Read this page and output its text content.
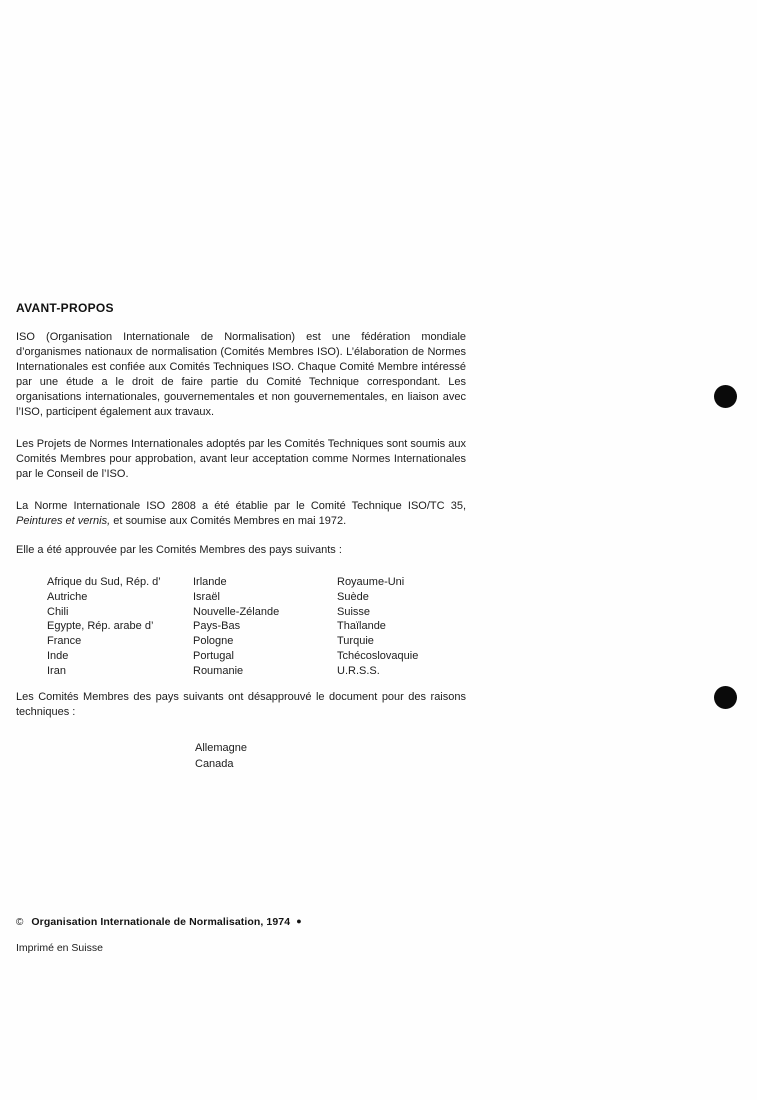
AVANT-PROPOS

ISO (Organisation Internationale de Normalisation) est une fédération mondiale d’organismes nationaux de normalisation (Comités Membres ISO). L’élaboration de Normes Internationales est confiée aux Comités Techniques ISO. Chaque Comité Membre intéressé par une étude a le droit de faire partie du Comité Technique correspondant. Les organisations internationales, gouvernementales et non gouvernementales, en liaison avec l’ISO, participent également aux travaux.

Les Projets de Normes Internationales adoptés par les Comités Techniques sont soumis aux Comités Membres pour approbation, avant leur acceptation comme Normes Internationales par le Conseil de l’ISO.

La Norme Internationale ISO 2808 a été établie par le Comité Technique ISO/TC 35, Peintures et vernis, et soumise aux Comités Membres en mai 1972.

Elle a été approuvée par les Comités Membres des pays suivants :

Afrique du Sud, Rép. d’
Autriche
Chili
Egypte, Rép. arabe d’
France
Inde
Iran
Irlande
Israël
Nouvelle-Zélande
Pays-Bas
Pologne
Portugal
Roumanie
Royaume-Uni
Suède
Suisse
Thaïlande
Turquie
Tchécoslovaquie
U.R.S.S.

Les Comités Membres des pays suivants ont désapprouvé le document pour des raisons techniques :

Allemagne
Canada
© Organisation Internationale de Normalisation, 1974 ●
Imprimé en Suisse
